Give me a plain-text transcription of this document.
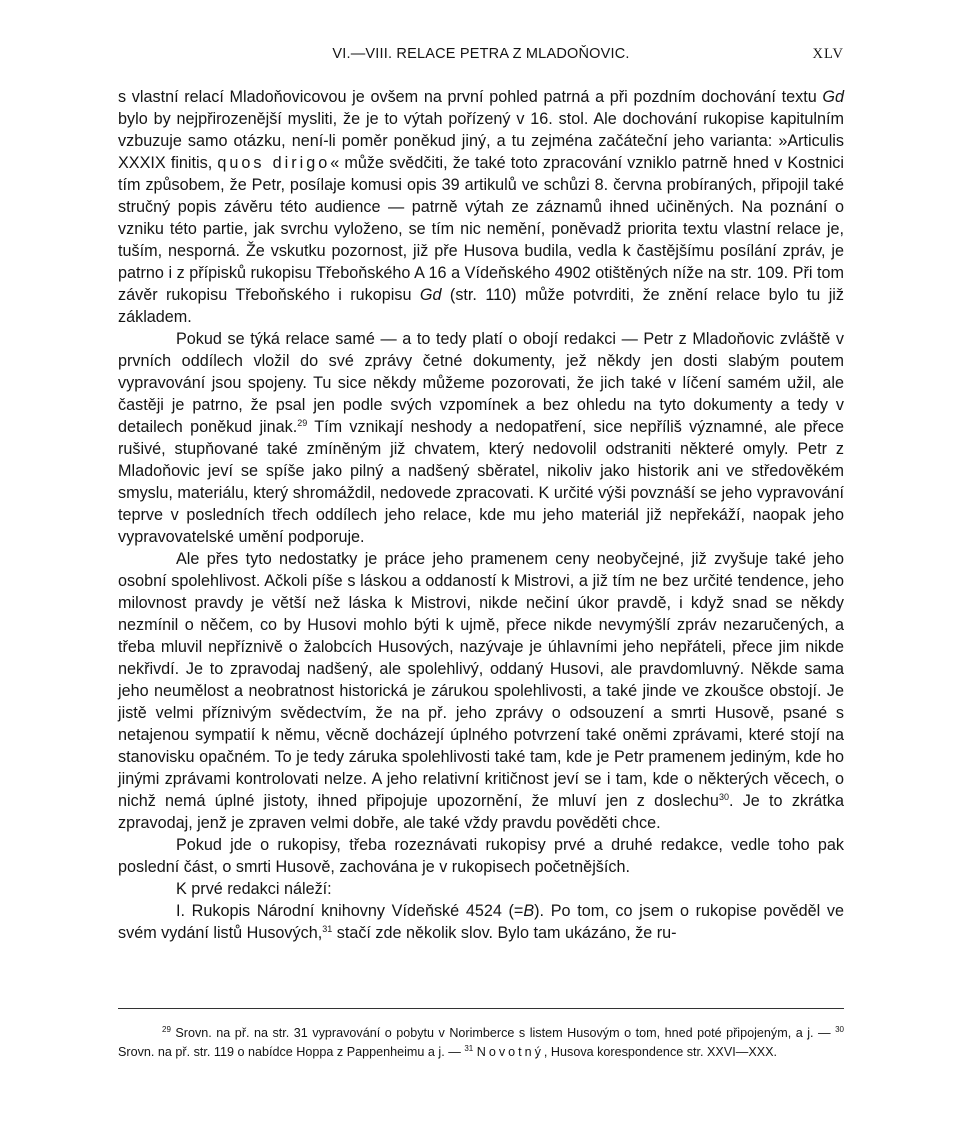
VI.—VIII. RELACE PETRA Z MLADOŇOVIC.	XLV

s vlastní relací Mladoňovicovou je ovšem na první pohled patrná a při pozdním dochování textu Gd bylo by nejpřirozenější mysliti, že je to výtah pořízený v 16. stol. Ale dochování rukopise kapitulním vzbuzuje samo otázku, není-li poměr poněkud jiný, a tu zejména začáteční jeho varianta: »Articulis XXXIX finitis, quos dirigo« může svědčiti, že také toto zpracování vzniklo patrně hned v Kostnici tím způsobem, že Petr, posílaje komusi opis 39 artikulů ve schůzi 8. června probíraných, připojil také stručný popis závěru této audience — patrně výtah ze záznamů ihned učiněných. Na poznání o vzniku této partie, jak svrchu vyloženo, se tím nic nemění, poněvadž priorita textu vlastní relace je, tuším, nesporná. Že vskutku pozornost, již pře Husova budila, vedla k častějšímu posílání zpráv, je patrno i z přípisků rukopisu Třeboňského A 16 a Vídeňského 4902 otištěných níže na str. 109. Při tom závěr rukopisu Třeboňského i rukopisu Gd (str. 110) může potvrditi, že znění relace bylo tu již základem.

Pokud se týká relace samé — a to tedy platí o obojí redakci — Petr z Mladoňovic zvláště v prvních oddílech vložil do své zprávy četné dokumenty, jež někdy jen dosti slabým poutem vypravování jsou spojeny. Tu sice někdy můžeme pozorovati, že jich také v líčení samém užil, ale častěji je patrno, že psal jen podle svých vzpomínek a bez ohledu na tyto dokumenty a tedy v detailech poněkud jinak.$^{29}$ Tím vznikají neshody a nedopatření, sice nepříliš významné, ale přece rušivé, stupňované také zmíněným již chvatem, který nedovolil odstraniti některé omyly. Petr z Mladoňovic jeví se spíše jako pilný a nadšený sběratel, nikoliv jako historik ani ve středověkém smyslu, materiálu, který shromáždil, nedovede zpracovati. K určité výši povznáší se jeho vypravování teprve v posledních třech oddílech jeho relace, kde mu jeho materiál již nepřekáží, naopak jeho vypravovatelské umění podporuje.

Ale přes tyto nedostatky je práce jeho pramenem ceny neobyčejné, již zvyšuje také jeho osobní spolehlivost. Ačkoli píše s láskou a oddaností k Mistrovi, a již tím ne bez určité tendence, jeho milovnost pravdy je větší než láska k Mistrovi, nikde nečiní úkor pravdě, i když snad se někdy nezmínil o něčem, co by Husovi mohlo býti k ujmě, přece nikde nevymýšlí zpráv nezaručených, a třeba mluvil nepříznivě o žalobcích Husových, nazývaje je úhlavními jeho nepřáteli, přece jim nikde nekřivdí. Je to zpravodaj nadšený, ale spolehlivý, oddaný Husovi, ale pravdomluvný. Někde sama jeho neumělost a neobratnost historická je zárukou spolehlivosti, a také jinde ve zkoušce obstojí. Je jistě velmi příznivým svědectvím, že na př. jeho zprávy o odsouzení a smrti Husově, psané s netajenou sympatií k němu, věcně docházejí úplného potvrzení také oněmi zprávami, které stojí na stanovisku opačném. To je tedy záruka spolehlivosti také tam, kde je Petr pramenem jediným, kde ho jinými zprávami kontrolovati nelze. A jeho relativní kritičnost jeví se i tam, kde o některých věcech, o nichž nemá úplné jistoty, ihned připojuje upozornění, že mluví jen z doslechu$^{30}$. Je to zkrátka zpravodaj, jenž je zpraven velmi dobře, ale také vždy pravdu pověděti chce.

Pokud jde o rukopisy, třeba rozeznávati rukopisy prvé a druhé redakce, vedle toho pak poslední část, o smrti Husově, zachována je v rukopisech početnějších.

K prvé redakci náleží:

I. Rukopis Národní knihovny Vídeňské 4524 (=B). Po tom, co jsem o rukopise pověděl ve svém vydání listů Husových,$^{31}$ stačí zde několik slov. Bylo tam ukázáno, že ru-

$^{29}$ Srovn. na př. na str. 31 vypravování o pobytu v Norimberce s listem Husovým o tom, hned poté připojeným, a j. — $^{30}$ Srovn. na př. str. 119 o nabídce Hoppa z Pappenheimu a j. — $^{31}$ Novotný, Husova korespondence str. XXVI—XXX.
